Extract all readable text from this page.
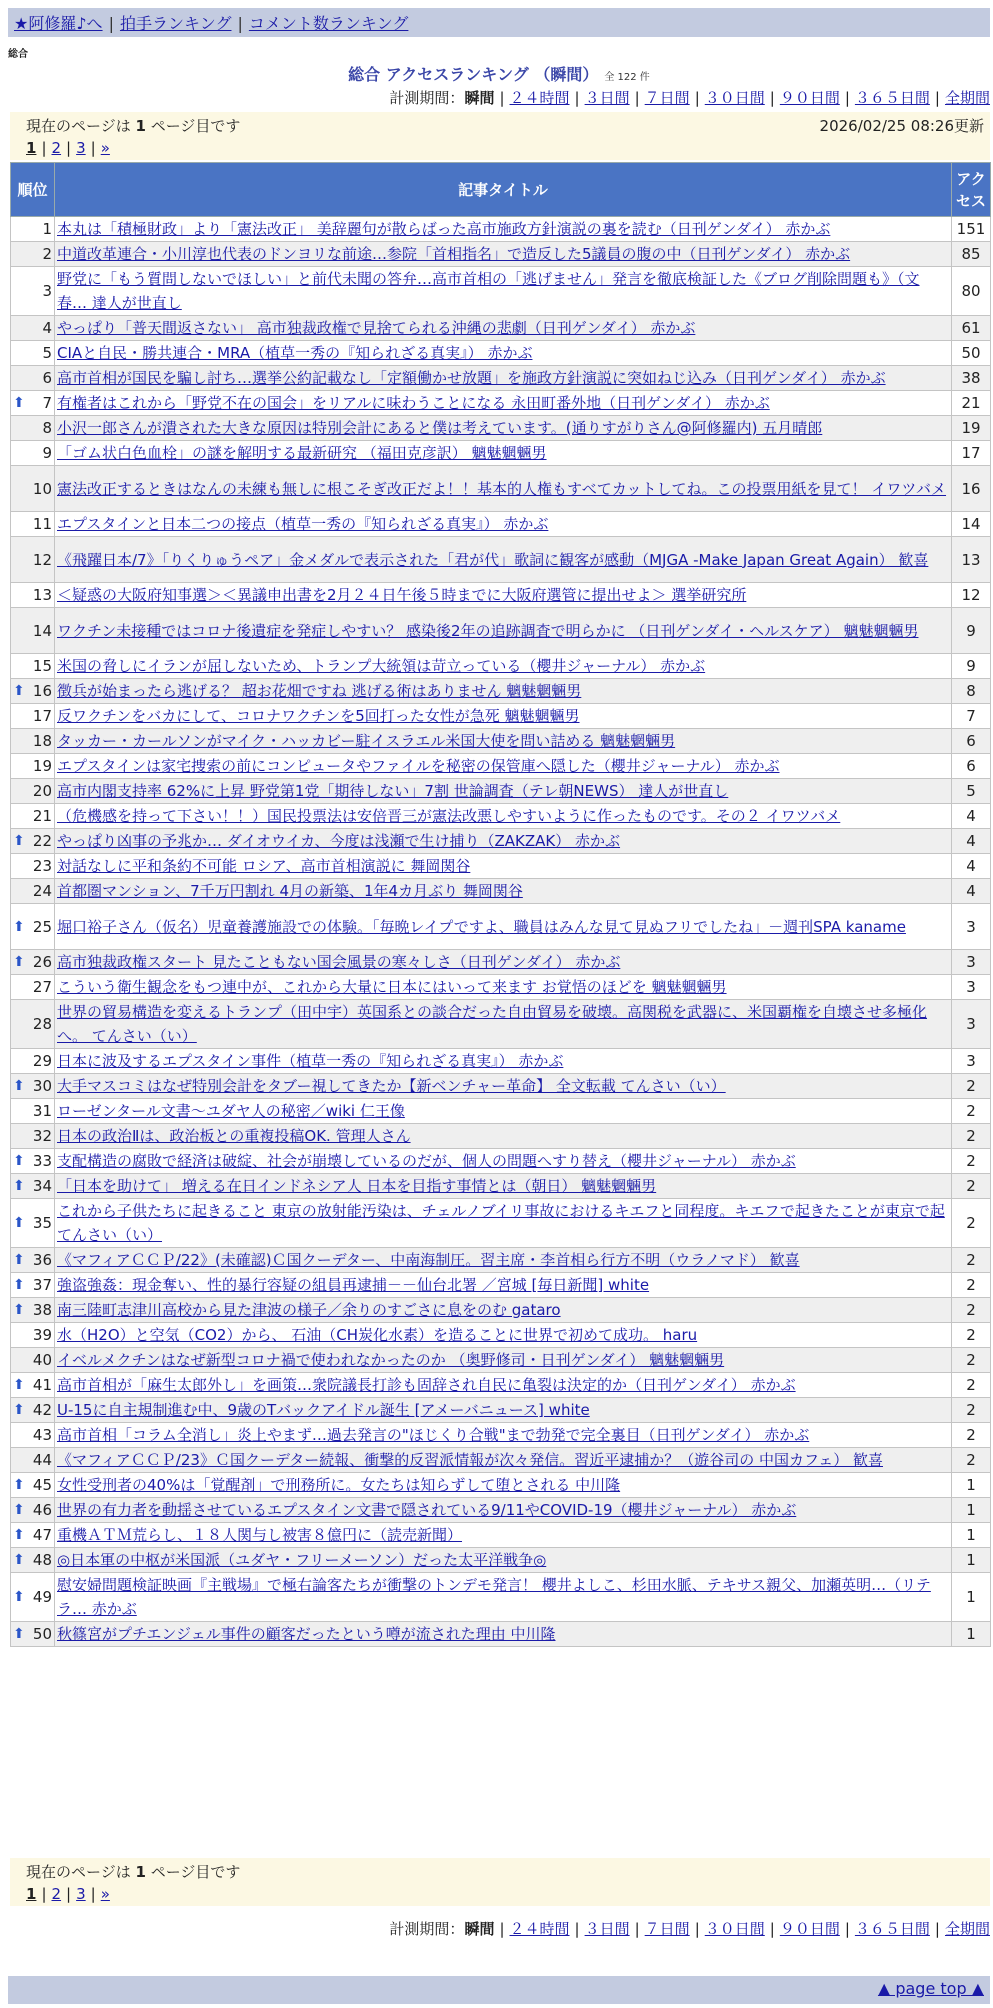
★阿修羅♪へ | 拍手ランキング | コメント数ランキング
総合
総合 アクセスランキング （瞬間） 全 122 件
計測期間：瞬間 | ２４時間 | ３日間 | ７日間 | ３０日間 | ９０日間 | ３６５日間 | 全期間
現在のページは 1 ページ目です	2026/02/25 08:26更新
1 | 2 | 3 | »
順位	記事タイトル	アクセス
1	本丸は「積極財政」より「憲法改正」 美辞麗句が散らばった高市施政方針演説の裏を読む（日刊ゲンダイ） 赤かぶ	151
2	中道改革連合・小川淳也代表のドンヨリな前途…参院「首相指名」で造反した5議員の腹の中（日刊ゲンダイ） 赤かぶ	85
3	野党に「もう質問しないでほしい」と前代未聞の答弁…高市首相の「逃げません」発言を徹底検証した《ブログ削除問題も》（文春… 達人が世直し	80
4	やっぱり「普天間返さない」 高市独裁政権で見捨てられる沖縄の悲劇（日刊ゲンダイ） 赤かぶ	61
5	CIAと自民・勝共連合・MRA（植草一秀の『知られざる真実』） 赤かぶ	50
6	高市首相が国民を騙し討ち…選挙公約記載なし「定額働かせ放題」を施政方針演説に突如ねじ込み（日刊ゲンダイ） 赤かぶ	38

⬆ 7	有権者はこれから「野党不在の国会」をリアルに味わうことになる 永田町番外地（日刊ゲンダイ） 赤かぶ	21
8	小沢一郎さんが潰された大きな原因は特別会計にあると僕は考えています。(通りすがりさん@阿修羅内) 五月晴郎	19
9	「ゴム状白色血栓」の謎を解明する最新研究 （福田克彦訳） 魑魅魍魎男	17
10	憲法改正するときはなんの未練も無しに根こそぎ改正だよ！！基本的人権もすべてカットしてね。この投票用紙を見て！ イワツバメ	16
11	エプスタインと日本二つの接点（植草一秀の『知られざる真実』） 赤かぶ	14
12	《飛躍日本/7》「りくりゅうペア」金メダルで表示された「君が代」歌詞に観客が感動（MJGA -Make Japan Great Again） 歓喜	13
13	＜疑惑の大阪府知事選＞＜異議申出書を2月２４日午後５時までに大阪府選管に提出せよ＞ 選挙研究所	12
14	ワクチン未接種ではコロナ後遺症を発症しやすい？ 感染後2年の追跡調査で明らかに （日刊ゲンダイ・ヘルスケア） 魑魅魍魎男	9
15	米国の脅しにイランが屈しないため、トランプ大統領は苛立っている（櫻井ジャーナル） 赤かぶ	9

⬆ 16	徴兵が始まったら逃げる？ 超お花畑ですね 逃げる術はありません 魑魅魍魎男	8
17	反ワクチンをバカにして、コロナワクチンを5回打った女性が急死 魑魅魍魎男	7
18	タッカー・カールソンがマイク・ハッカビー駐イスラエル米国大使を問い詰める 魑魅魍魎男	6
19	エプスタインは家宅捜索の前にコンピュータやファイルを秘密の保管庫へ隠した（櫻井ジャーナル） 赤かぶ	6
20	高市内閣支持率 62%に上昇 野党第1党「期待しない」7割 世論調査（テレ朝NEWS） 達人が世直し	5
21	（危機感を持って下さい！！）国民投票法は安倍晋三が憲法改悪しやすいように作ったものです。その２ イワツバメ	4

⬆ 22	やっぱり凶事の予兆か… ダイオウイカ、今度は浅瀬で生け捕り（ZAKZAK） 赤かぶ	4
23	対話なしに平和条約不可能 ロシア、高市首相演説に 舞岡関谷	4
24	首都圏マンション、7千万円割れ 4月の新築、1年4カ月ぶり 舞岡関谷	4

⬆ 25	堀口裕子さん（仮名）児童養護施設での体験。「毎晩レイプですよ、職員はみんな見て見ぬフリでしたね」－週刊SPA kaname	3

⬆ 26	高市独裁政権スタート 見たこともない国会風景の寒々しさ（日刊ゲンダイ） 赤かぶ	3
27	こういう衛生観念をもつ連中が、これから大量に日本にはいって来ます お覚悟のほどを 魑魅魍魎男	3
28	世界の貿易構造を変えるトランプ（田中宇）英国系との談合だった自由貿易を破壊。高関税を武器に、米国覇権を自壊させ多極化へ。 てんさい（い）	3
29	日本に波及するエプスタイン事件（植草一秀の『知られざる真実』） 赤かぶ	3

⬆ 30	大手マスコミはなぜ特別会計をタブー視してきたか【新ベンチャー革命】 全文転載 てんさい（い）	2
31	ローゼンタール文書～ユダヤ人の秘密／wiki 仁王像	2
32	日本の政治Ⅱは、政治板との重複投稿OK. 管理人さん	2

⬆ 33	支配構造の腐敗で経済は破綻、社会が崩壊しているのだが、個人の問題へすり替え（櫻井ジャーナル） 赤かぶ	2

⬆ 34	「日本を助けて」 増える在日インドネシア人 日本を目指す事情とは（朝日） 魑魅魍魎男	2

⬆ 35	これから子供たちに起きること 東京の放射能汚染は、チェルノブイリ事故におけるキエフと同程度。キエフで起きたことが東京で起 てんさい（い）	2

⬆ 36	《マフィアＣＣＰ/22》(未確認)Ｃ国クーデター、中南海制圧。習主席・李首相ら行方不明（ウラノマド） 歓喜	2

⬆ 37	強盗強姦：現金奪い、性的暴行容疑の組員再逮捕－－仙台北署 ／宮城 [毎日新聞] white	2

⬆ 38	南三陸町志津川高校から見た津波の様子／余りのすごさに息をのむ gataro	2
39	水（H2O）と空気（CO2）から、 石油（CH炭化水素）を造ることに世界で初めて成功。 haru	2
40	イベルメクチンはなぜ新型コロナ禍で使われなかったのか （奥野修司・日刊ゲンダイ） 魑魅魍魎男	2

⬆ 41	高市首相が「麻生太郎外し」を画策…衆院議長打診も固辞され自民に亀裂は決定的か（日刊ゲンダイ） 赤かぶ	2

⬆ 42	U-15に自主規制進む中、9歳のTバックアイドル誕生 [アメーバニュース] white	2
43	高市首相「コラム全消し」炎上やまず…過去発言の"ほじくり合戦"まで勃発で完全裏目（日刊ゲンダイ） 赤かぶ	2
44	《マフィアＣＣＰ/23》Ｃ国クーデター続報、衝撃的反習派情報が次々発信。習近平逮捕か？（遊谷司の 中国カフェ） 歓喜	2

⬆ 45	女性受刑者の40%は「覚醒剤」で刑務所に。女たちは知らずして堕とされる 中川隆	1

⬆ 46	世界の有力者を動揺させているエプスタイン文書で隠されている9/11やCOVID-19（櫻井ジャーナル） 赤かぶ	1

⬆ 47	重機ＡＴＭ荒らし、１８人関与し被害８億円に（読売新聞）	1

⬆ 48	◎日本軍の中枢が米国派（ユダヤ・フリーメーソン）だった太平洋戦争◎	1

⬆ 49	慰安婦問題検証映画『主戦場』で極右論客たちが衝撃のトンデモ発言！ 櫻井よしこ、杉田水脈、テキサス親父、加瀬英明…（リテラ… 赤かぶ	1

⬆ 50	秋篠宮がプチエンジェル事件の顧客だったという噂が流された理由 中川隆	1
現在のページは 1 ページ目です
1 | 2 | 3 | »
計測期間：瞬間 | ２４時間 | ３日間 | ７日間 | ３０日間 | ９０日間 | ３６５日間 | 全期間
▲ page top ▲
